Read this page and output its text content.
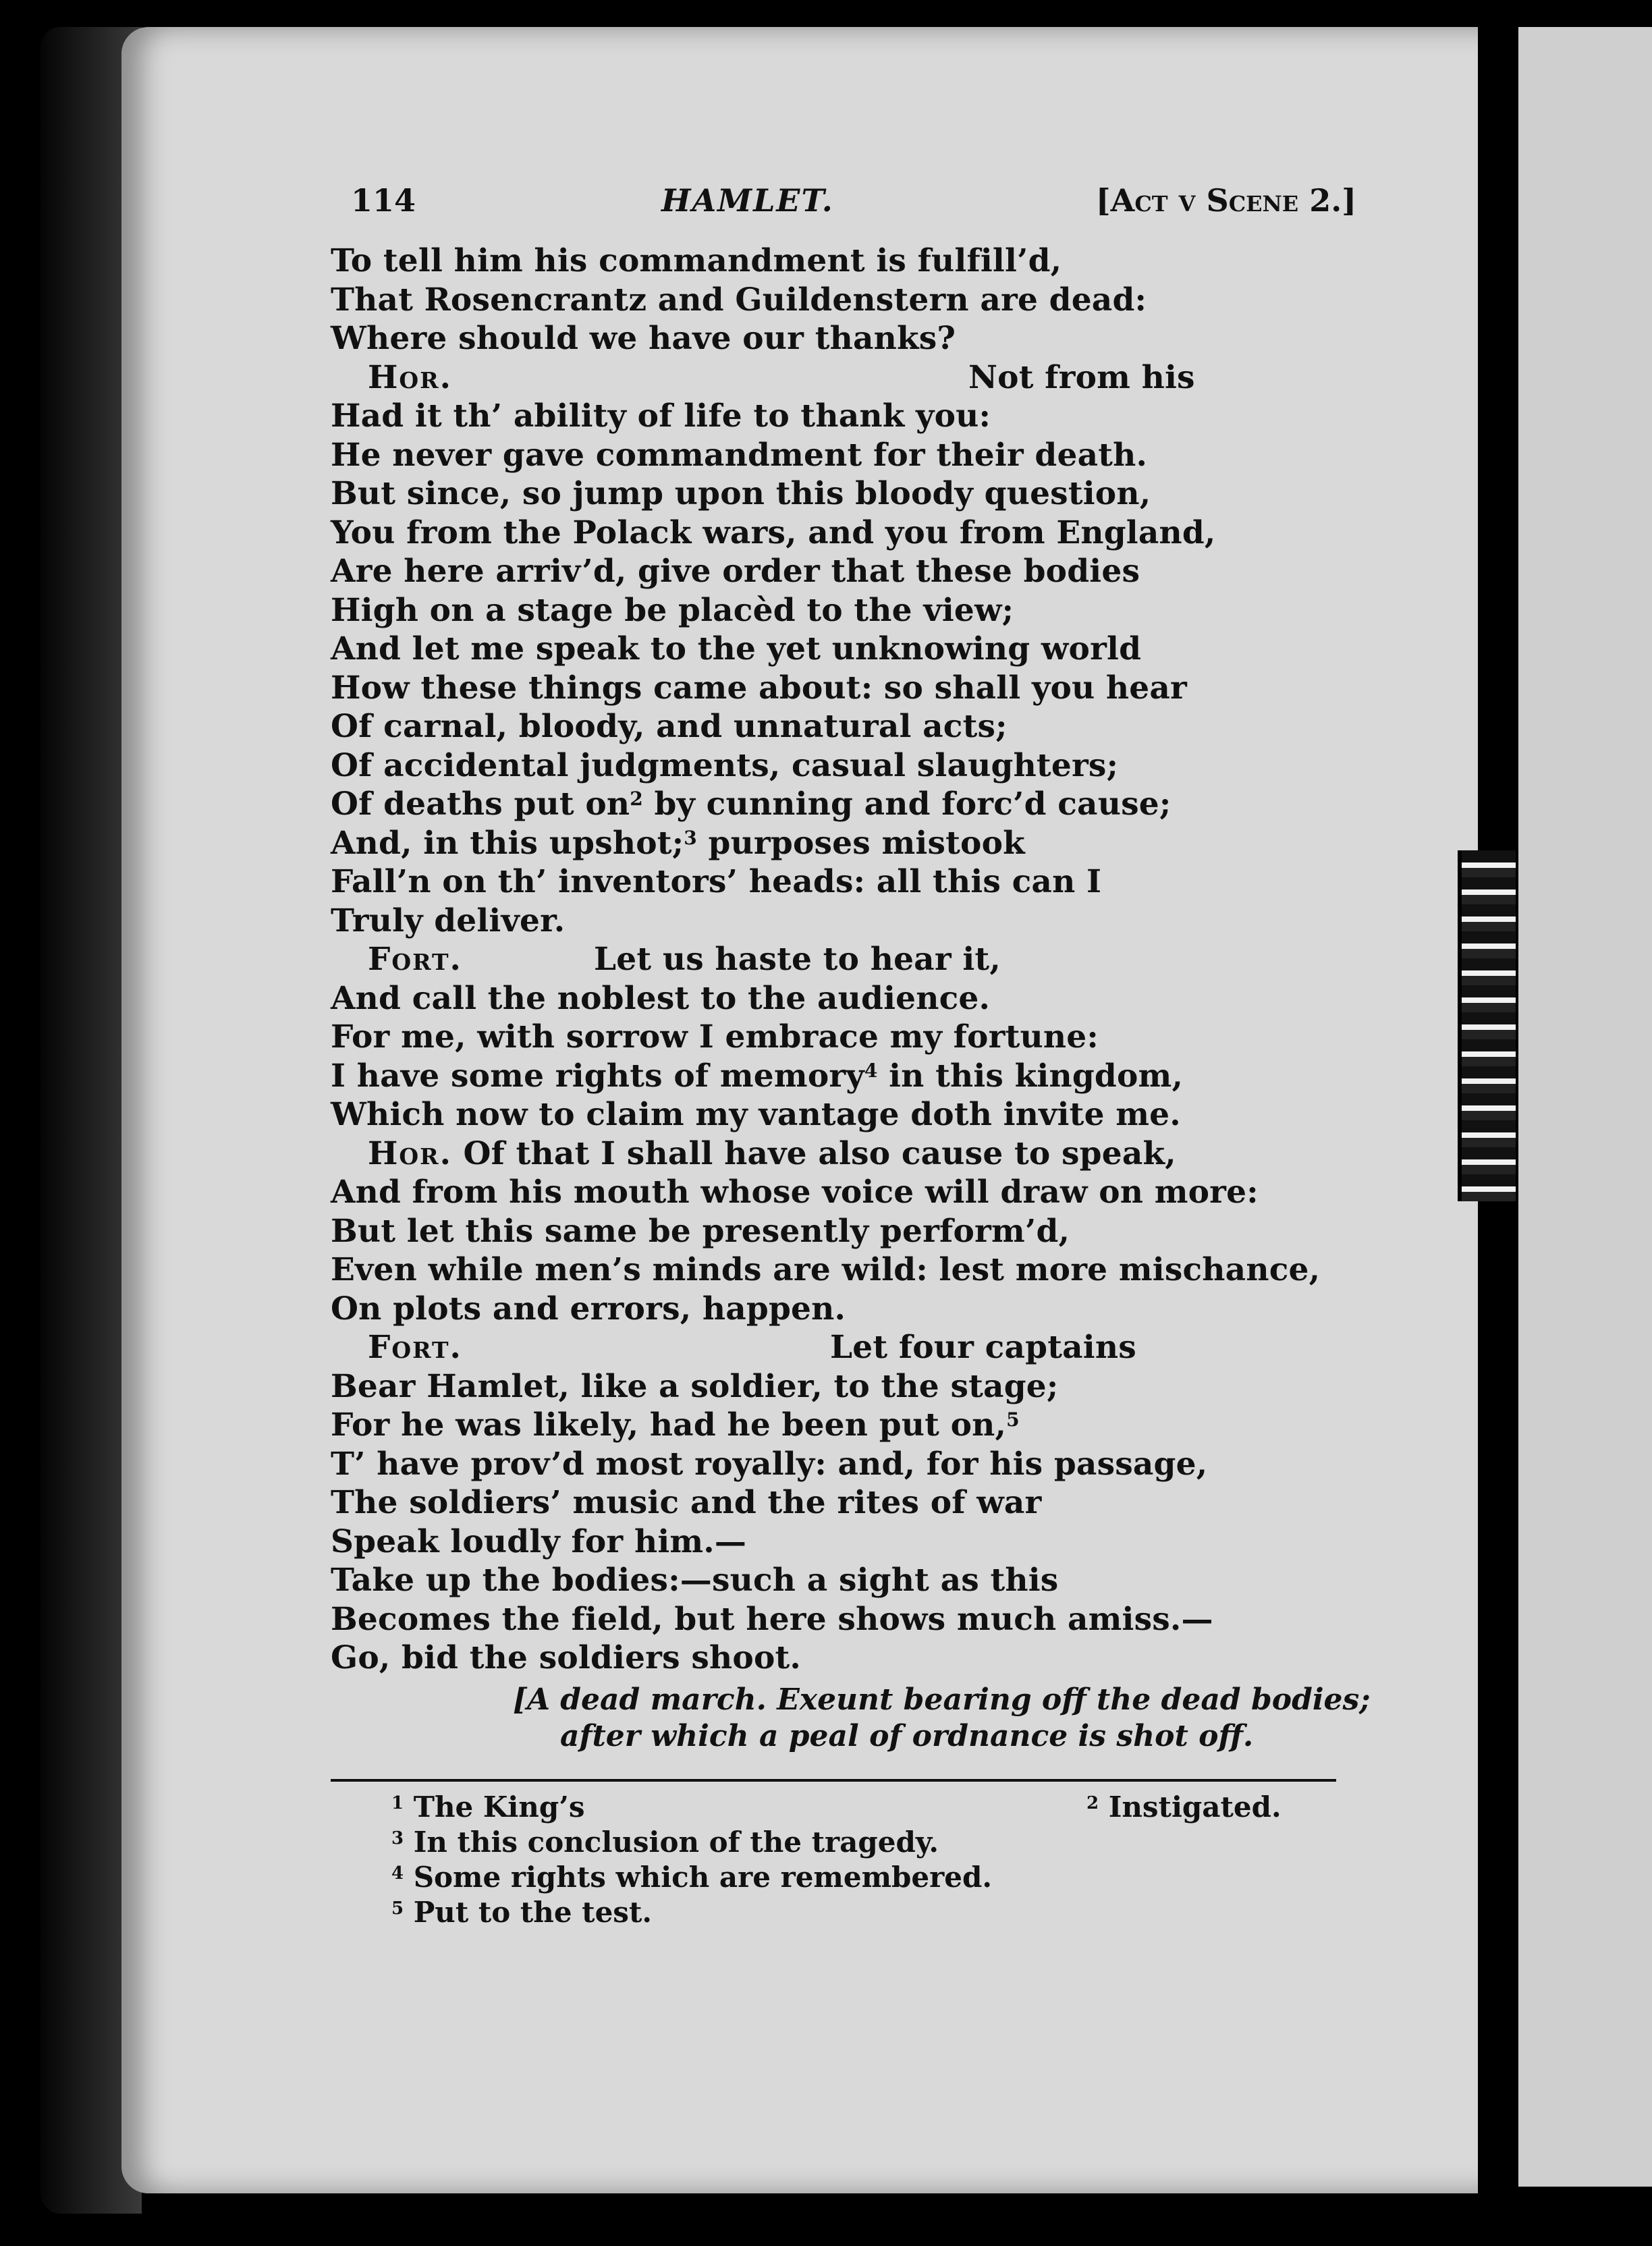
114	HAMLET.	[Act v Scene 2.]
To tell him his commandment is fulfill’d,
That Rosencrantz and Guildenstern are dead:
Where should we have our thanks?
Hor.	Not from his
Had it th’ ability of life to thank you:
He never gave commandment for their death.
But since, so jump upon this bloody question,
You from the Polack wars, and you from England,
Are here arriv’d, give order that these bodies
High on a stage be placèd to the view;
And let me speak to the yet unknowing world
How these things came about: so shall you hear
Of carnal, bloody, and unnatural acts;
Of accidental judgments, casual slaughters;
Of deaths put $on^2$ by cunning and forc’d cause;
And, in this upshot;$^3$ purposes mistook
Fall’n on th’ inventors’ heads: all this can I
Truly deliver.
Fort.	Let us haste to hear it,
And call the noblest to the audience.
For me, with sorrow I embrace my fortune:
I have some rights of memory$^4$ in this kingdom,
Which now to claim my vantage doth invite me.
Hor. Of that I shall have also cause to speak,
And from his mouth whose voice will draw on more:
But let this same be presently perform’d,
Even while men’s minds are wild: lest more mischance,
On plots and errors, happen.
Fort.	Let four captains
Bear Hamlet, like a soldier, to the stage;
For he was likely, had he been put on,$^5$
T’ have prov’d most royally: and, for his passage,
The soldiers’ music and the rites of war
Speak loudly for him.—
Take up the bodies:—such a sight as this
Becomes the field, but here shows much amiss.—
Go, bid the soldiers shoot.
[A dead march. Exeunt bearing off the dead bodies;
after which a peal of ordnance is shot off.
$^1$ The King’s	$^2$ Instigated.
$^3$ In this conclusion of the tragedy.
$^4$ Some rights which are remembered.
$^5$ Put to the test.
